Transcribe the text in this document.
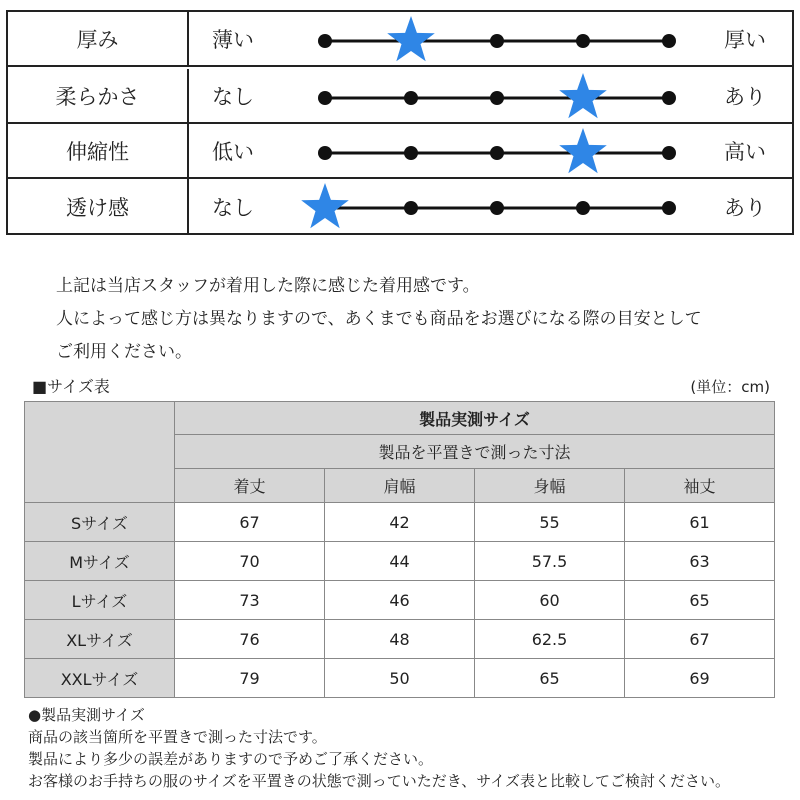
厚み	薄い	厚い
柔らかさ	なし	あり
伸縮性	低い	高い
透け感	なし	あり
上記は当店スタッフが着用した際に感じた着用感です。
人によって感じ方は異なりますので、あくまでも商品をお選びになる際の目安として
ご利用ください。
■サイズ表	(単位：cm)
	製品実測サイズ			
	製品を平置きで測った寸法			
	着丈	肩幅	身幅	袖丈
Sサイズ	67	42	55	61
Mサイズ	70	44	57.5	63
Lサイズ	73	46	60	65
XLサイズ	76	48	62.5	67
XXLサイズ	79	50	65	69
●製品実測サイズ
商品の該当箇所を平置きで測った寸法です。
製品により多少の誤差がありますので予めご了承ください。
お客様のお手持ちの服のサイズを平置きの状態で測っていただき、サイズ表と比較してご検討ください。
